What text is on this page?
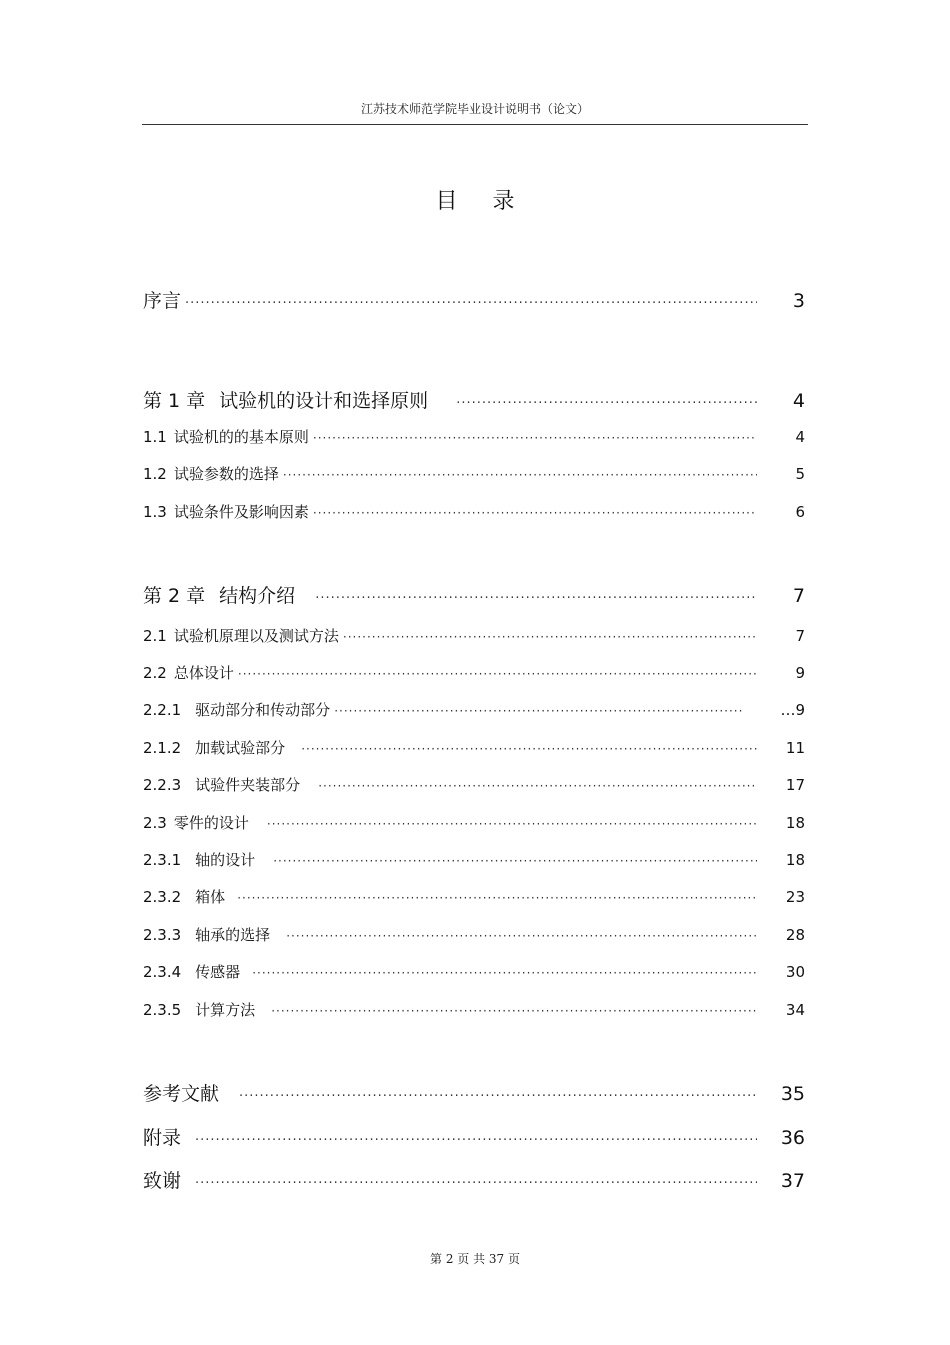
江苏技术师范学院毕业设计说明书（论文）
目 录
序言 ·····	3
第 1 章 试验机的设计和选择原则 ·····	4
1.1 试验机的的基本原则 ·····	4
1.2 试验参数的选择 ·····	5
1.3 试验条件及影响因素 ·····	6
第 2 章 结构介绍 ·····	7
2.1 试验机原理以及测试方法 ·····	7
2.2 总体设计 ·····	9
2.2.1 驱动部分和传动部分 ·····	…9
2.1.2 加载试验部分 ·····	11
2.2.3 试验件夹装部分 ·····	17
2.3 零件的设计 ·····	18
2.3.1 轴的设计 ·····	18
2.3.2 箱体 ·····	23
2.3.3 轴承的选择 ·····	28
2.3.4 传感器 ·····	30
2.3.5 计算方法 ·····	34
参考文献 ·····	35
附录 ·····	36
致谢 ·····	37
第 2 页 共 37 页
